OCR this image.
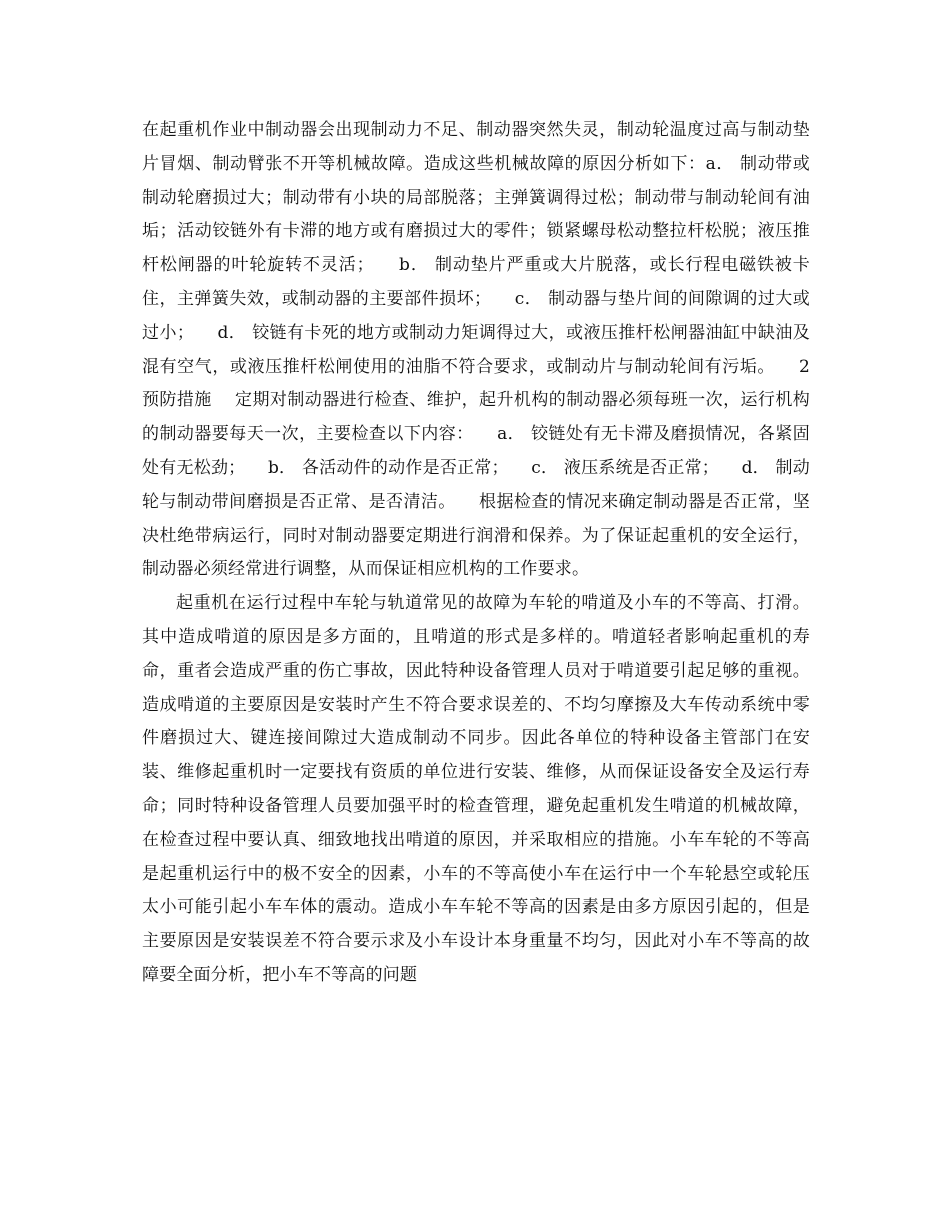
在起重机作业中制动器会出现制动力不足、制动器突然失灵，制动轮温度过高与制动垫片冒烟、制动臂张不开等机械故障。造成这些机械故障的原因分析如下：a． 制动带或制动轮磨损过大；制动带有小块的局部脱落；主弹簧调得过松；制动带与制动轮间有油垢；活动铰链外有卡滞的地方或有磨损过大的零件；锁紧螺母松动整拉杆松脱；液压推杆松闸器的叶轮旋转不灵活；    b． 制动垫片严重或大片脱落，或长行程电磁铁被卡住，主弹簧失效，或制动器的主要部件损坏；    c． 制动器与垫片间的间隙调的过大或过小；    d． 铰链有卡死的地方或制动力矩调得过大，或液压推杆松闸器油缸中缺油及混有空气，或液压推杆松闸使用的油脂不符合要求，或制动片与制动轮间有污垢。    2 预防措施    定期对制动器进行检查、维护，起升机构的制动器必须每班一次，运行机构的制动器要每天一次，主要检查以下内容：    a． 铰链处有无卡滞及磨损情况，各紧固处有无松劲；    b． 各活动件的动作是否正常；    c． 液压系统是否正常；    d． 制动轮与制动带间磨损是否正常、是否清洁。    根据检查的情况来确定制动器是否正常，坚决杜绝带病运行，同时对制动器要定期进行润滑和保养。为了保证起重机的安全运行，制动器必须经常进行调整，从而保证相应机构的工作要求。

起重机在运行过程中车轮与轨道常见的故障为车轮的啃道及小车的不等高、打滑。其中造成啃道的原因是多方面的，且啃道的形式是多样的。啃道轻者影响起重机的寿命，重者会造成严重的伤亡事故，因此特种设备管理人员对于啃道要引起足够的重视。造成啃道的主要原因是安装时产生不符合要求误差的、不均匀摩擦及大车传动系统中零件磨损过大、键连接间隙过大造成制动不同步。因此各单位的特种设备主管部门在安装、维修起重机时一定要找有资质的单位进行安装、维修，从而保证设备安全及运行寿命；同时特种设备管理人员要加强平时的检查管理，避免起重机发生啃道的机械故障，在检查过程中要认真、细致地找出啃道的原因，并采取相应的措施。小车车轮的不等高是起重机运行中的极不安全的因素，小车的不等高使小车在运行中一个车轮悬空或轮压太小可能引起小车车体的震动。造成小车车轮不等高的因素是由多方原因引起的，但是主要原因是安装误差不符合要示求及小车设计本身重量不均匀，因此对小车不等高的故障要全面分析，把小车不等高的问题
